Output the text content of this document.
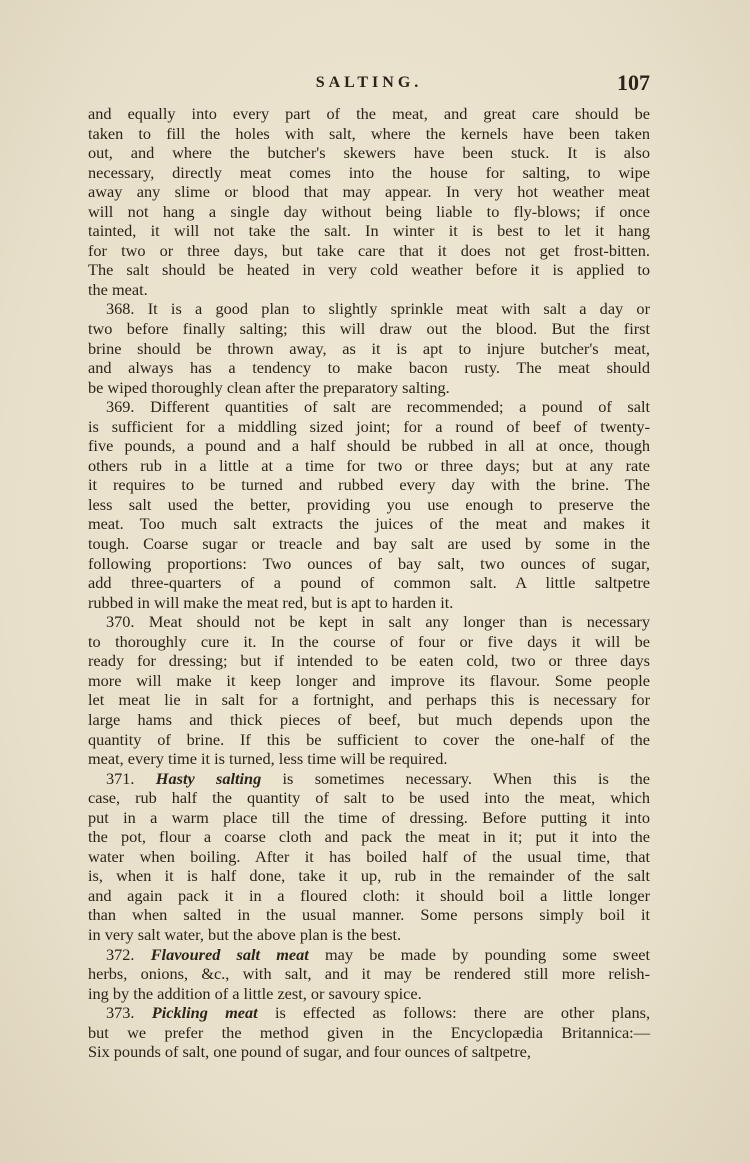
SALTING.	107
and equally into every part of the meat, and great care should be
taken to fill the holes with salt, where the kernels have been taken
out, and where the butcher's skewers have been stuck. It is also
necessary, directly meat comes into the house for salting, to wipe
away any slime or blood that may appear. In very hot weather meat
will not hang a single day without being liable to fly-blows; if once
tainted, it will not take the salt. In winter it is best to let it hang
for two or three days, but take care that it does not get frost-bitten.
The salt should be heated in very cold weather before it is applied to
the meat.
368. It is a good plan to slightly sprinkle meat with salt a day or
two before finally salting; this will draw out the blood. But the first
brine should be thrown away, as it is apt to injure butcher's meat,
and always has a tendency to make bacon rusty. The meat should
be wiped thoroughly clean after the preparatory salting.
369. Different quantities of salt are recommended; a pound of salt
is sufficient for a middling sized joint; for a round of beef of twenty-
five pounds, a pound and a half should be rubbed in all at once, though
others rub in a little at a time for two or three days; but at any rate
it requires to be turned and rubbed every day with the brine. The
less salt used the better, providing you use enough to preserve the
meat. Too much salt extracts the juices of the meat and makes it
tough. Coarse sugar or treacle and bay salt are used by some in the
following proportions: Two ounces of bay salt, two ounces of sugar,
add three-quarters of a pound of common salt. A little saltpetre
rubbed in will make the meat red, but is apt to harden it.
370. Meat should not be kept in salt any longer than is necessary
to thoroughly cure it. In the course of four or five days it will be
ready for dressing; but if intended to be eaten cold, two or three days
more will make it keep longer and improve its flavour. Some people
let meat lie in salt for a fortnight, and perhaps this is necessary for
large hams and thick pieces of beef, but much depends upon the
quantity of brine. If this be sufficient to cover the one-half of the
meat, every time it is turned, less time will be required.
371. Hasty salting is sometimes necessary. When this is the
case, rub half the quantity of salt to be used into the meat, which
put in a warm place till the time of dressing. Before putting it into
the pot, flour a coarse cloth and pack the meat in it; put it into the
water when boiling. After it has boiled half of the usual time, that
is, when it is half done, take it up, rub in the remainder of the salt
and again pack it in a floured cloth: it should boil a little longer
than when salted in the usual manner. Some persons simply boil it
in very salt water, but the above plan is the best.
372. Flavoured salt meat may be made by pounding some sweet
herbs, onions, &c., with salt, and it may be rendered still more relish-
ing by the addition of a little zest, or savoury spice.
373. Pickling meat is effected as follows: there are other plans,
but we prefer the method given in the Encyclopædia Britannica:—
Six pounds of salt, one pound of sugar, and four ounces of saltpetre,
